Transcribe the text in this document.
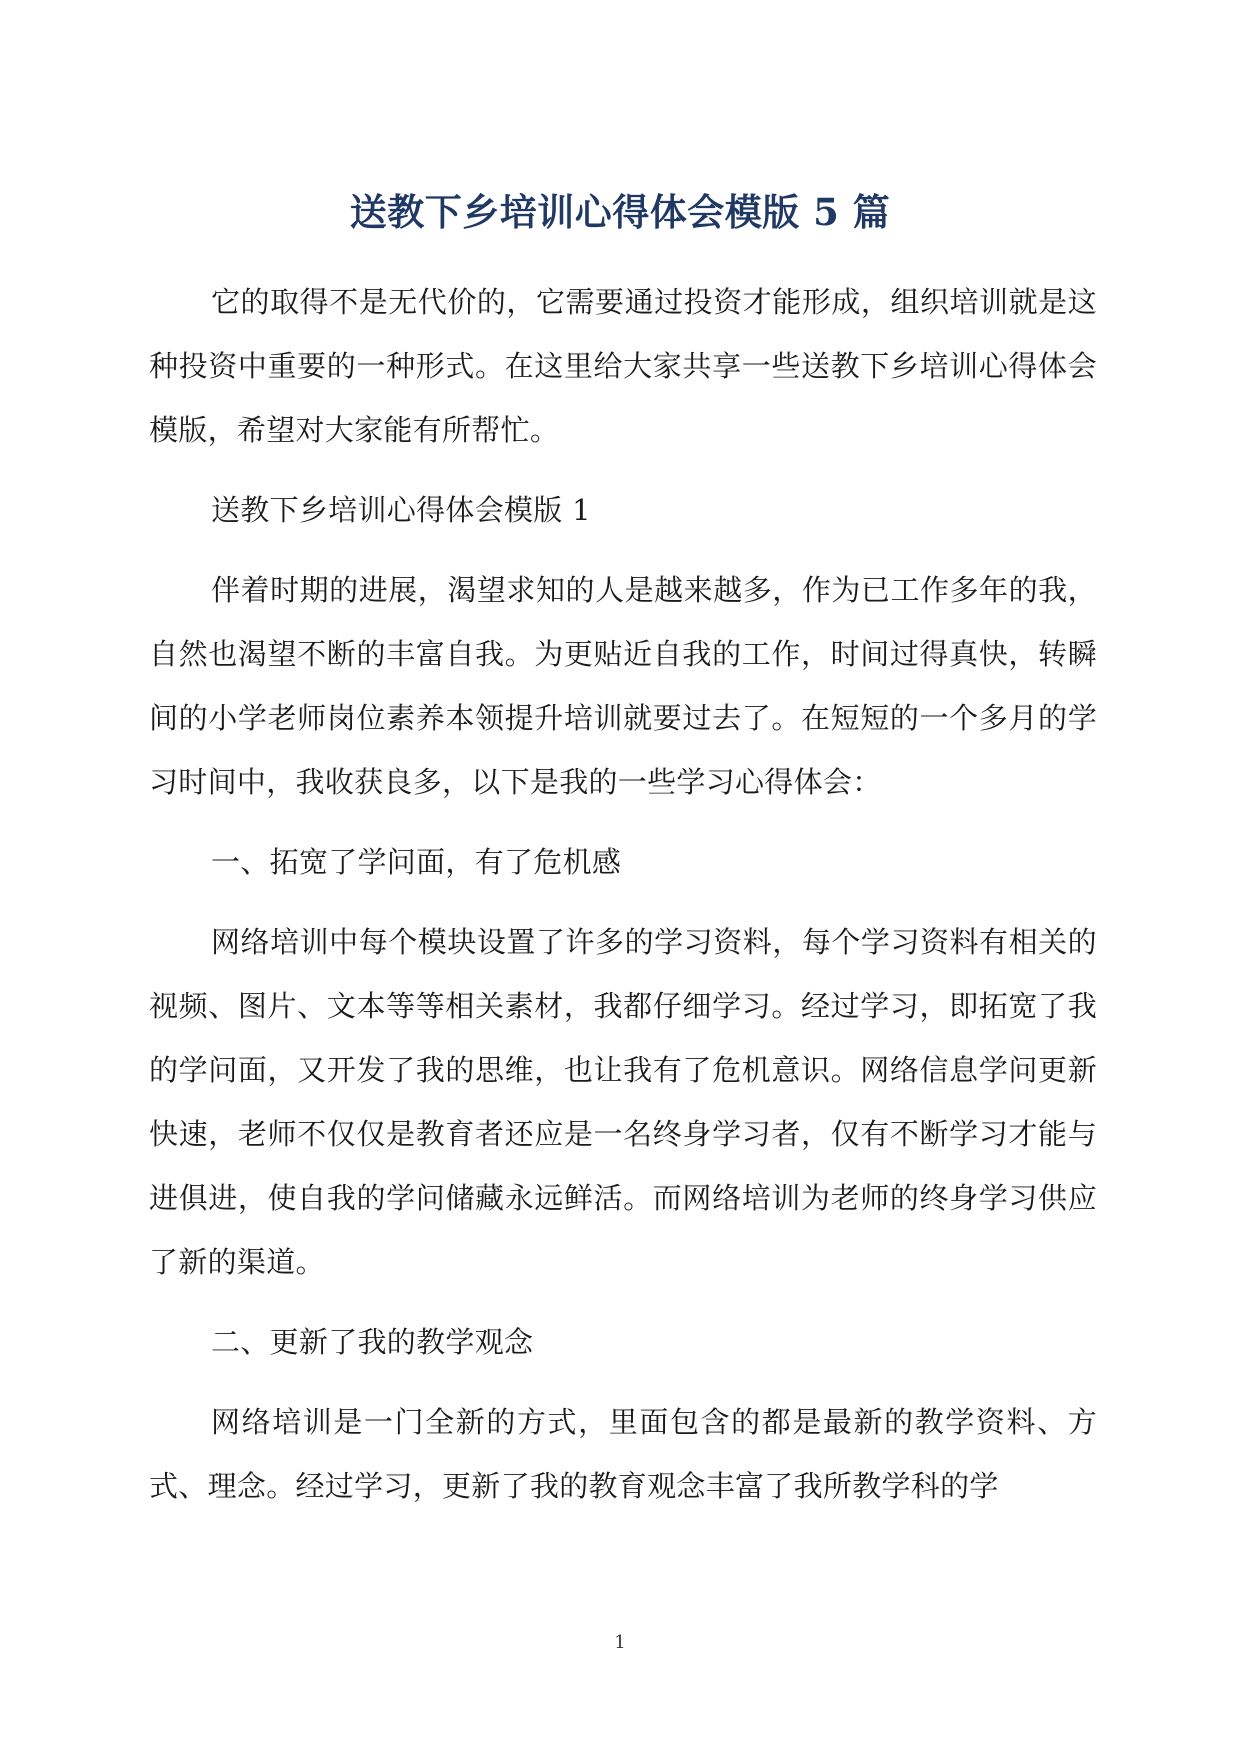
送教下乡培训心得体会模版 5 篇

它的取得不是无代价的，它需要通过投资才能形成，组织培训就是这种投资中重要的一种形式。在这里给大家共享一些送教下乡培训心得体会模版，希望对大家能有所帮忙。

送教下乡培训心得体会模版 1

伴着时期的进展，渴望求知的人是越来越多，作为已工作多年的我，自然也渴望不断的丰富自我。为更贴近自我的工作，时间过得真快，转瞬间的小学老师岗位素养本领提升培训就要过去了。在短短的一个多月的学习时间中，我收获良多，以下是我的一些学习心得体会：

一、拓宽了学问面，有了危机感

网络培训中每个模块设置了许多的学习资料，每个学习资料有相关的视频、图片、文本等等相关素材，我都仔细学习。经过学习，即拓宽了我的学问面，又开发了我的思维，也让我有了危机意识。网络信息学问更新快速，老师不仅仅是教育者还应是一名终身学习者，仅有不断学习才能与进俱进，使自我的学问储藏永远鲜活。而网络培训为老师的终身学习供应了新的渠道。

二、更新了我的教学观念

网络培训是一门全新的方式，里面包含的都是最新的教学资料、方式、理念。经过学习，更新了我的教育观念丰富了我所教学科的学

1
